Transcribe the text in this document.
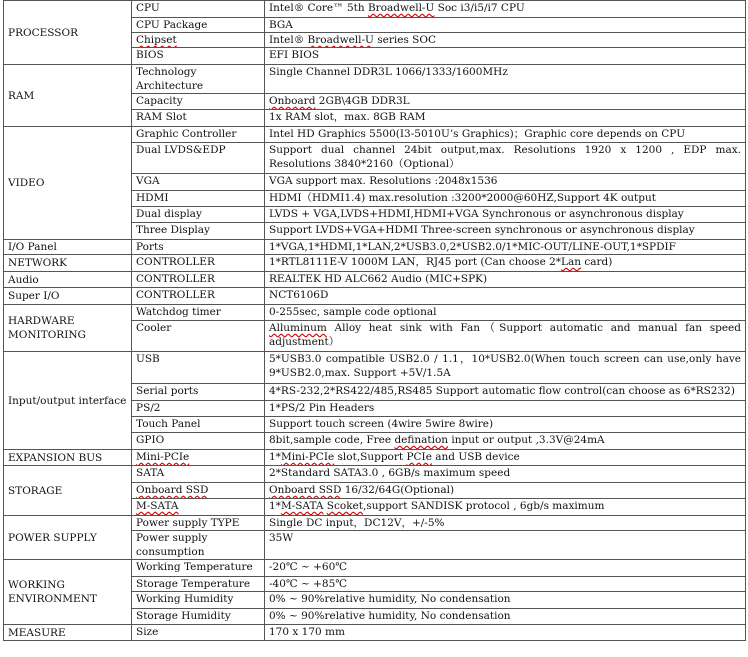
PROCESSOR	CPU	Intel® Core™ 5th Broadwell-U Soc i3/i5/i7 CPU
	CPU Package	BGA
	Chipset	Intel® Broadwell-U series SOC
	BIOS	EFI BIOS
RAM	Technology Architecture	Single Channel DDR3L 1066/1333/1600MHz
	Capacity	Onboard 2GB\4GB DDR3L
	RAM Slot	1x RAM slot，max. 8GB RAM
VIDEO	Graphic Controller	Intel HD Graphics 5500(I3-5010U’s Graphics)；Graphic core depends on CPU
	Dual LVDS&EDP	Support dual channel 24bit output,max. Resolutions 1920 x 1200 , EDP max. Resolutions 3840*2160（Optional）
	VGA	VGA support max. Resolutions :2048x1536
	HDMI	HDMI（HDMI1.4) max.resolution :3200*2000@60HZ,Support 4K output
	Dual display	LVDS + VGA,LVDS+HDMI,HDMI+VGA Synchronous or asynchronous display
	Three Display	Support LVDS+VGA+HDMI Three-screen synchronous or asynchronous display
I/O Panel	Ports	1*VGA,1*HDMI,1*LAN,2*USB3.0,2*USB2.0/1*MIC-OUT/LINE-OUT,1*SPDIF
NETWORK	CONTROLLER	1*RTL8111E-V 1000M LAN，RJ45 port (Can choose 2*Lan card)
Audio	CONTROLLER	REALTEK HD ALC662 Audio (MIC+SPK)
Super I/O	CONTROLLER	NCT6106D
HARDWARE MONITORING	Watchdog timer	0-255sec, sample code optional
	Cooler	Alluminum Alloy heat sink with Fan（Support automatic and manual fan speed adjustment）
Input/output interface	USB	5*USB3.0 compatible USB2.0 / 1.1，10*USB2.0(When touch screen can use,only have 9*USB2.0,max. Support +5V/1.5A
	Serial ports	4*RS-232,2*RS422/485,RS485 Support automatic flow control(can choose as 6*RS232)
	PS/2	1*PS/2 Pin Headers
	Touch Panel	Support touch screen (4wire 5wire 8wire)
	GPIO	8bit,sample code, Free defination input or output ,3.3V@24mA
EXPANSION BUS	Mini-PCIe	1*Mini-PCIe slot,Support PCIe and USB device
STORAGE	SATA	2*Standard SATA3.0 , 6GB/s maximum speed
	Onboard SSD	Onboard SSD 16/32/64G(Optional)
	M-SATA	1*M-SATA Scoket,support SANDISK protocol , 6gb/s maximum
POWER SUPPLY	Power supply TYPE	Single DC input，DC12V，+/-5%
	Power supply consumption	35W
WORKING ENVIRONMENT	Working Temperature	-20℃ ~ +60℃
	Storage Temperature	-40℃ ~ +85℃
	Working Humidity	0% ~ 90%relative humidity, No condensation
	Storage Humidity	0% ~ 90%relative humidity, No condensation
MEASURE	Size	170 x 170 mm
